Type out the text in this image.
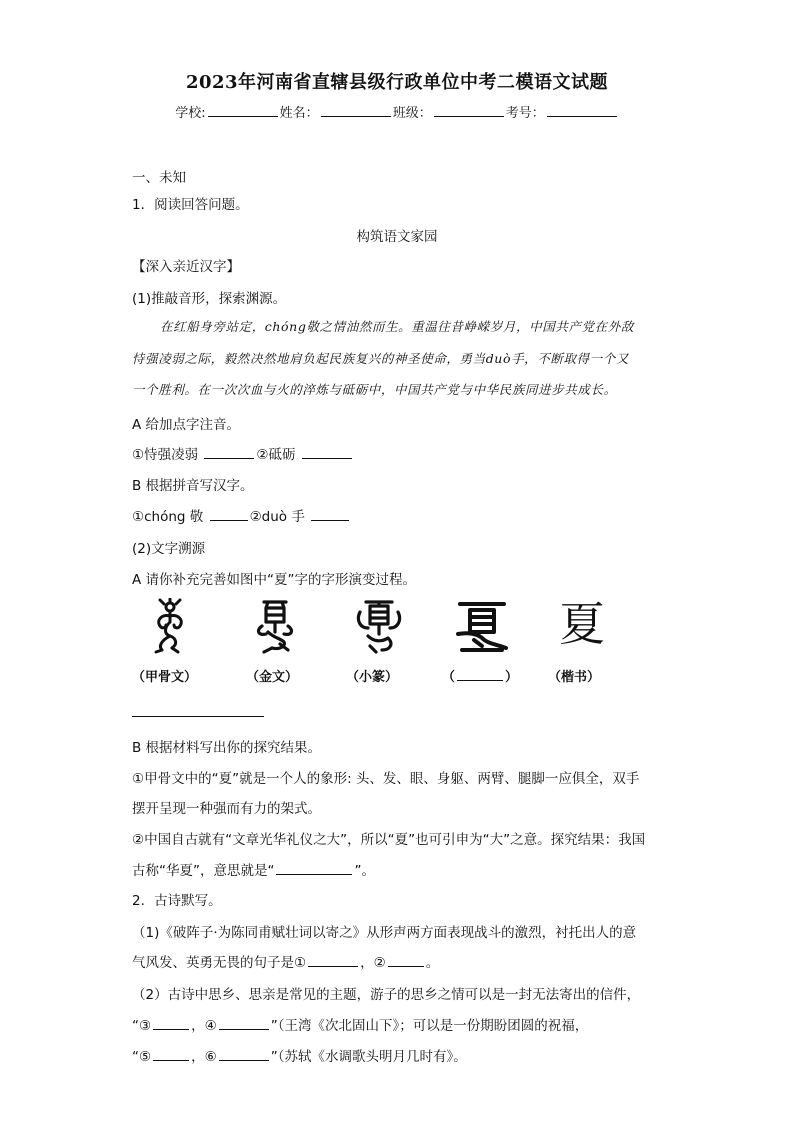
2023年河南省直辖县级行政单位中考二模语文试题
学校:	姓名：	班级：	考号：
一、未知
1．阅读回答问题。
构筑语文家园
【深入亲近汉字】
(1)推敲音形，探索渊源。
在红船身旁站定，chóng敬之情油然而生。重温往昔峥嵘岁月，中国共产党在外敌
恃强凌弱之际，毅然决然地肩负起民族复兴的神圣使命，勇当duò手，不断取得一个又
一个胜利。在一次次血与火的淬炼与砥砺中，中国共产党与中华民族同进步共成长。
A 给加点字注音。
①恃强凌弱	②砥砺
B 根据拼音写汉字。
①chóng 敬	②duò 手
(2)文字溯源
A 请你补充完善如图中“夏”字的字形演变过程。
夏
（甲骨文）	（金文）	（小篆）	（	） （楷书）
B 根据材料写出你的探究结果。
①甲骨文中的“夏”就是一个人的象形: 头、发、眼、身躯、两臂、腿脚一应俱全，双手
摆开呈现一种强而有力的架式。
②中国自古就有“文章光华礼仪之大”，所以“夏”也可引申为“大”之意。探究结果：我国
古称“华夏”，意思就是“	”。
2．古诗默写。
（1)《破阵子·为陈同甫赋壮词以寄之》从形声两方面表现战斗的激烈，衬托出人的意
气风发、英勇无畏的句子是①	，②	。
（2）古诗中思乡、思亲是常见的主题，游子的思乡之情可以是一封无法寄出的信件，
“③	，④	”（王湾《次北固山下》；可以是一份期盼团圆的祝福，
“⑤	，⑥	”（苏轼《水调歌头明月几时有》。
